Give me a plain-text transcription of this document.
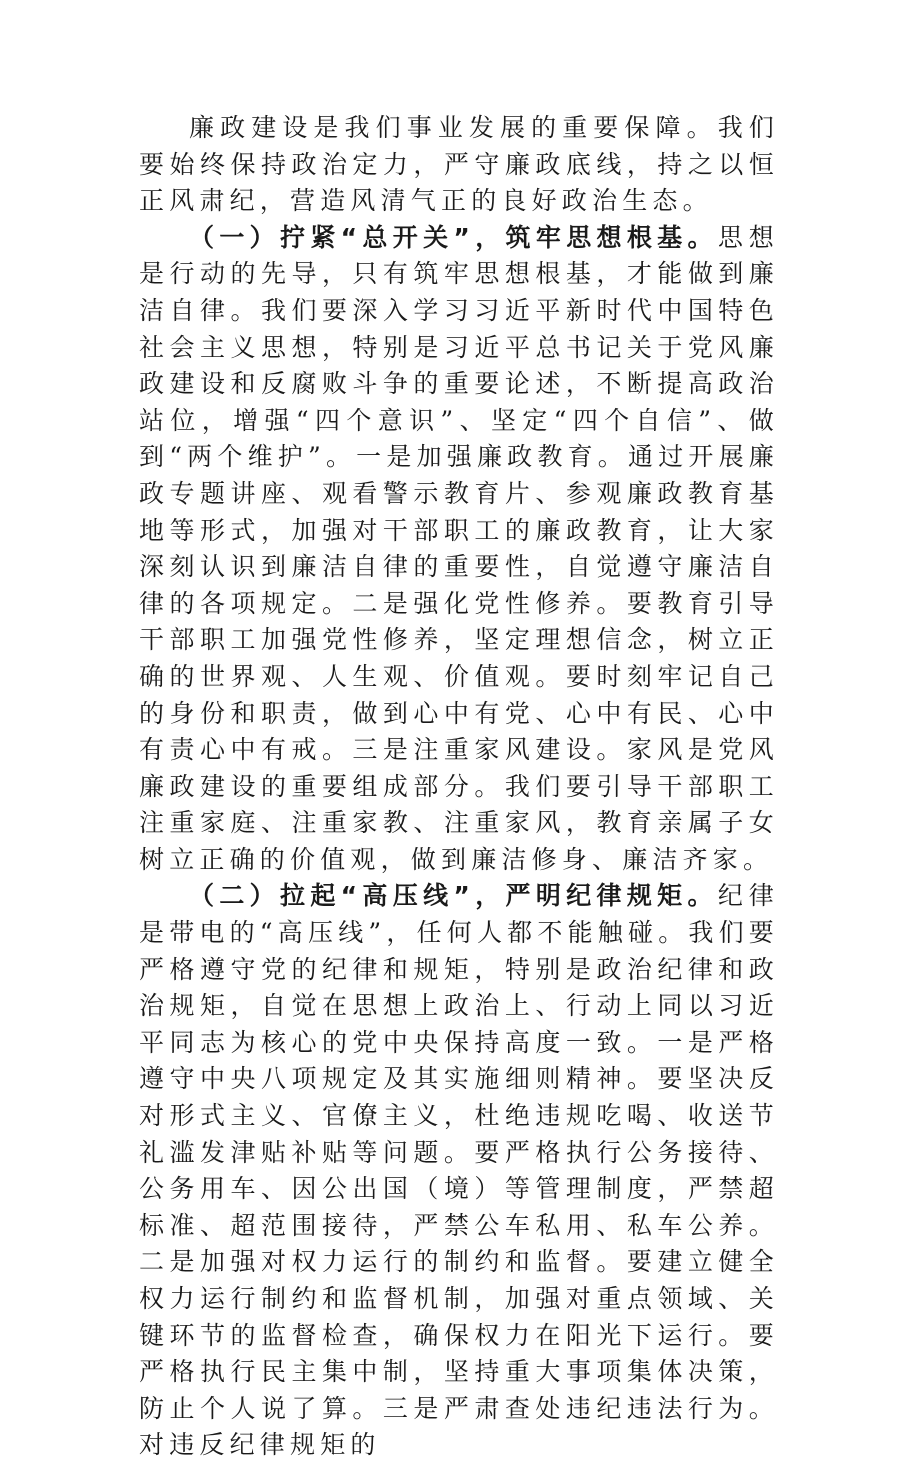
廉政建设是我们事业发展的重要保障。我们要始终保持政治定力，严守廉政底线，持之以恒正风肃纪，营造风清气正的良好政治生态。

（一）拧紧“总开关”，筑牢思想根基。思想是行动的先导，只有筑牢思想根基，才能做到廉洁自律。我们要深入学习习近平新时代中国特色社会主义思想，特别是习近平总书记关于党风廉政建设和反腐败斗争的重要论述，不断提高政治站位，增强“四个意识”、坚定“四个自信”、做到“两个维护”。一是加强廉政教育。通过开展廉政专题讲座、观看警示教育片、参观廉政教育基地等形式，加强对干部职工的廉政教育，让大家深刻认识到廉洁自律的重要性，自觉遵守廉洁自律的各项规定。二是强化党性修养。要教育引导干部职工加强党性修养，坚定理想信念，树立正确的世界观、人生观、价值观。要时刻牢记自己的身份和职责，做到心中有党、心中有民、心中有责心中有戒。三是注重家风建设。家风是党风廉政建设的重要组成部分。我们要引导干部职工注重家庭、注重家教、注重家风，教育亲属子女树立正确的价值观，做到廉洁修身、廉洁齐家。

（二）拉起“高压线”，严明纪律规矩。纪律是带电的“高压线”，任何人都不能触碰。我们要严格遵守党的纪律和规矩，特别是政治纪律和政治规矩，自觉在思想上政治上、行动上同以习近平同志为核心的党中央保持高度一致。一是严格遵守中央八项规定及其实施细则精神。要坚决反对形式主义、官僚主义，杜绝违规吃喝、收送节礼滥发津贴补贴等问题。要严格执行公务接待、公务用车、因公出国（境）等管理制度，严禁超标准、超范围接待，严禁公车私用、私车公养。二是加强对权力运行的制约和监督。要建立健全权力运行制约和监督机制，加强对重点领域、关键环节的监督检查，确保权力在阳光下运行。要严格执行民主集中制，坚持重大事项集体决策，防止个人说了算。三是严肃查处违纪违法行为。对违反纪律规矩的
